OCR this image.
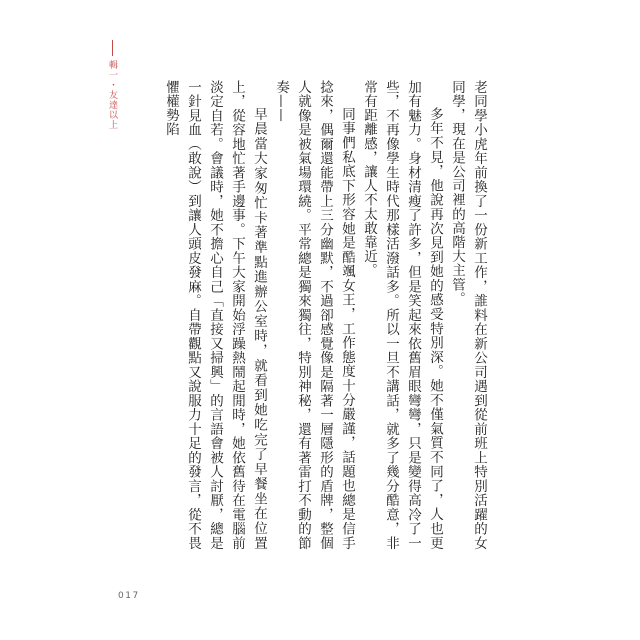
輯一・友達以上	老同學小虎年前換了一份新工作，誰料在新公司遇到從前班上特別活躍的女同學，現在是公司裡的高階大主管。

多年不見，他說再次見到她的感受特別深。她不僅氣質不同了，人也更加有魅力。身材清瘦了許多，但是笑起來依舊眉眼彎彎，只是變得高冷了一些，不再像學生時代那樣活潑話多。所以一旦不講話，就多了幾分酷意，非常有距離感，讓人不太敢靠近。

同事們私底下形容她是酷颯女王，工作態度十分嚴謹，話題也總是信手捻來，偶爾還能帶上三分幽默，不過卻感覺像是隔著一層隱形的盾牌，整個人就像是被氣場環繞。平常總是獨來獨往，特別神秘，還有著雷打不動的節奏——

早晨當大家匆忙卡著準點進辦公室時，就看到她吃完了早餐坐在位置上，從容地忙著手邊事。下午大家開始浮躁熱鬧起閒時，她依舊待在電腦前淡定自若。會議時，她不擔心自己「直接又掃興」的言語會被人討厭，總是一針見血（敢說）到讓人頭皮發麻。自帶觀點又說服力十足的發言，從不畏懼權勢陷

017
